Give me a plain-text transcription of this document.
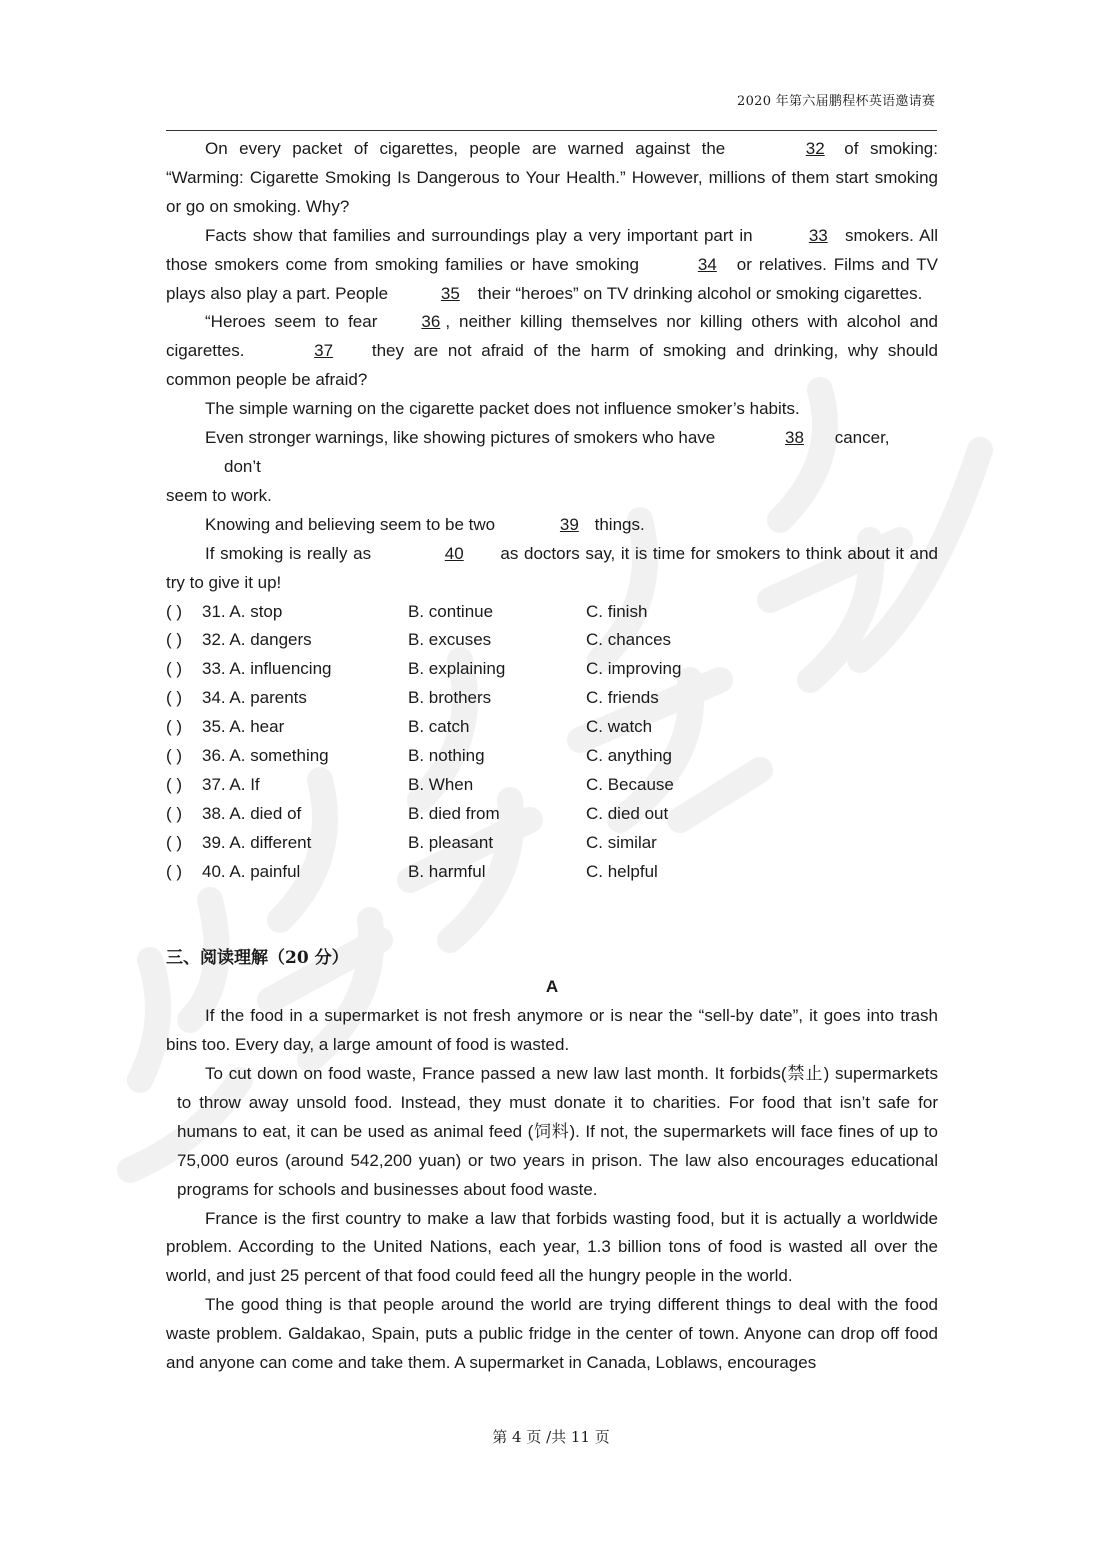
2020 年第六届鹏程杯英语邀请赛

On every packet of cigarettes, people are warned against the	32 of smoking: “Warming: Cigarette Smoking Is Dangerous to Your Health.” However, millions of them start smoking or go on smoking. Why?

Facts show that families and surroundings play a very important part in	33 smokers. All those smokers come from smoking families or have smoking	34 or relatives. Films and TV plays also play a part. People	35 their “heroes” on TV drinking alcohol or smoking cigarettes.

“Heroes seem to fear	36 , neither killing themselves nor killing others with alcohol and cigarettes.	37 they are not afraid of the harm of smoking and drinking, why should common people be afraid?

The simple warning on the cigarette packet does not influence smoker’s habits.

Even stronger warnings, like showing pictures of smokers who have	38 cancer,

don’t

seem to work.

Knowing and believing seem to be two	39 things.

If smoking is really as	40 as doctors say, it is time for smokers to think about it and try to give it up!

( )	31. A. stop	B. continue	C. finish
( )	32. A. dangers	B. excuses	C. chances
( )	33. A. influencing	B. explaining	C. improving
( )	34. A. parents	B. brothers	C. friends
( )	35. A. hear	B. catch	C. watch
( )	36. A. something	B. nothing	C. anything
( )	37. A. If	B. When	C. Because
( )	38. A. died of	B. died from	C. died out
( )	39. A. different	B. pleasant	C. similar
( )	40. A. painful	B. harmful	C. helpful

三、阅读理解（20 分）

A

If the food in a supermarket is not fresh anymore or is near the “sell-by date”, it goes into trash bins too. Every day, a large amount of food is wasted.

To cut down on food waste, France passed a new law last month. It forbids(禁止) supermarkets to throw away unsold food. Instead, they must donate it to charities. For food that isn’t safe for humans to eat, it can be used as animal feed (饲料). If not, the supermarkets will face fines of up to 75,000 euros (around 542,200 yuan) or two years in prison. The law also encourages educational programs for schools and businesses about food waste.

France is the first country to make a law that forbids wasting food, but it is actually a worldwide problem. According to the United Nations, each year, 1.3 billion tons of food is wasted all over the world, and just 25 percent of that food could feed all the hungry people in the world.

The good thing is that people around the world are trying different things to deal with the food waste problem. Galdakao, Spain, puts a public fridge in the center of town. Anyone can drop off food and anyone can come and take them. A supermarket in Canada, Loblaws, encourages

第 4 页 /共 11 页
